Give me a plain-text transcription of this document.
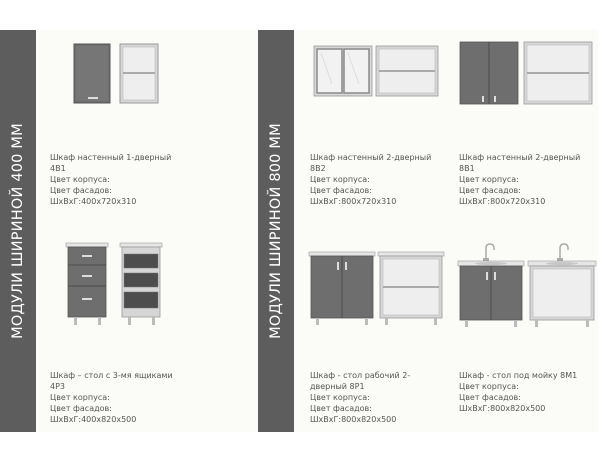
МОДУЛИ ШИРИНОЙ 400 ММ	МОДУЛИ ШИРИНОЙ 800 ММ
Шкаф настенный 1-дверный
4В1
Цвет корпуса:
Цвет фасадов:
ШхВхГ:400х720х310
Шкаф – стол с 3-мя ящиками
4Р3
Цвет корпуса:
Цвет фасадов:
ШхВхГ:400х820х500
Шкаф настенный 2-дверный
8В2
Цвет корпуса:
Цвет фасадов:
ШхВхГ:800х720х310
Шкаф - стол рабочий 2-
дверный 8Р1
Цвет корпуса:
Цвет фасадов:
ШхВхГ:800х820х500
Шкаф настенный 2-дверный
8В1
Цвет корпуса:
Цвет фасадов:
ШхВхГ:800х720х310
Шкаф - стол под мойку 8М1
Цвет корпуса:
Цвет фасадов:
ШхВхГ:800х820х500
